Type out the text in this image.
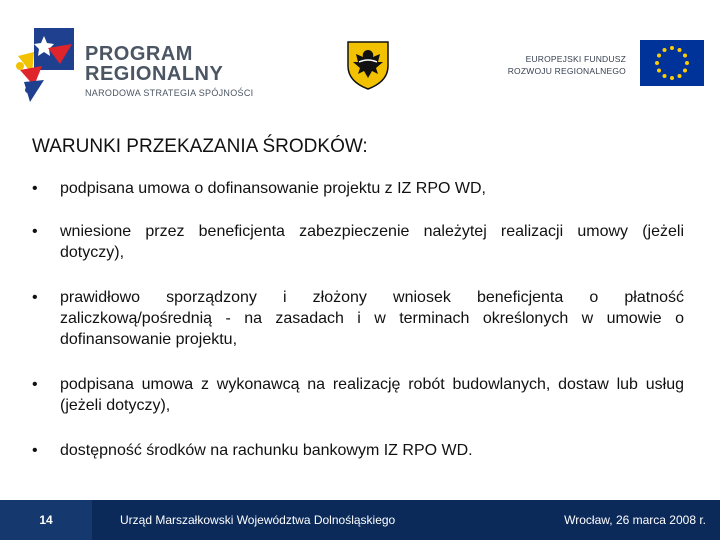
PROGRAM
REGIONALNY
NARODOWA STRATEGIA SPÓJNOŚCI
EUROPEJSKI FUNDUSZ
ROZWOJU REGIONALNEGO
WARUNKI PRZEKAZANIA ŚRODKÓW:
• podpisana umowa o dofinansowanie projektu z IZ RPO WD,
• wniesione przez beneficjenta zabezpieczenie należytej realizacji umowy (jeżeli dotyczy),
• prawidłowo sporządzony i złożony wniosek beneficjenta o płatność zaliczkową/pośrednią - na zasadach i w terminach określonych w umowie o dofinansowanie projektu,
• podpisana umowa z wykonawcą na realizację robót budowlanych, dostaw lub usług (jeżeli dotyczy),
• dostępność środków na rachunku bankowym IZ RPO WD.
14	Urząd Marszałkowski Województwa Dolnośląskiego	Wrocław, 26 marca 2008 r.
